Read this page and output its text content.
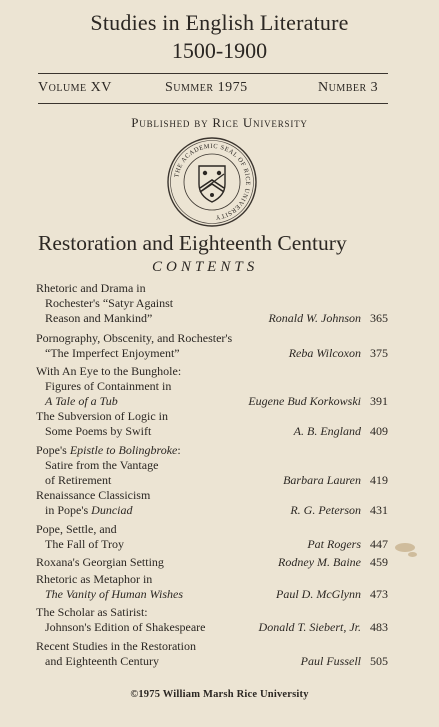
Studies in English Literature
1500-1900
Volume XV	Summer 1975	Number 3
Published by Rice University
THE ACADEMIC SEAL OF RICE UNIVERSITY
Restoration and Eighteenth Century
CONTENTS
Rhetoric and Drama in
Rochester's “Satyr Against
Reason and Mankind”	Ronald W. Johnson 365
Pornography, Obscenity, and Rochester's
“The Imperfect Enjoyment”	Reba Wilcoxon 375
With An Eye to the Bunghole:
Figures of Containment in
A Tale of a Tub	Eugene Bud Korkowski 391
The Subversion of Logic in
Some Poems by Swift	A. B. England 409
Pope's Epistle to Bolingbroke:
Satire from the Vantage
of Retirement	Barbara Lauren 419
Renaissance Classicism
in Pope's Dunciad	R. G. Peterson 431
Pope, Settle, and
The Fall of Troy	Pat Rogers 447
Roxana's Georgian Setting	Rodney M. Baine 459
Rhetoric as Metaphor in
The Vanity of Human Wishes	Paul D. McGlynn 473
The Scholar as Satirist:
Johnson's Edition of Shakespeare	Donald T. Siebert, Jr. 483
Recent Studies in the Restoration
and Eighteenth Century	Paul Fussell 505
©1975 William Marsh Rice University
